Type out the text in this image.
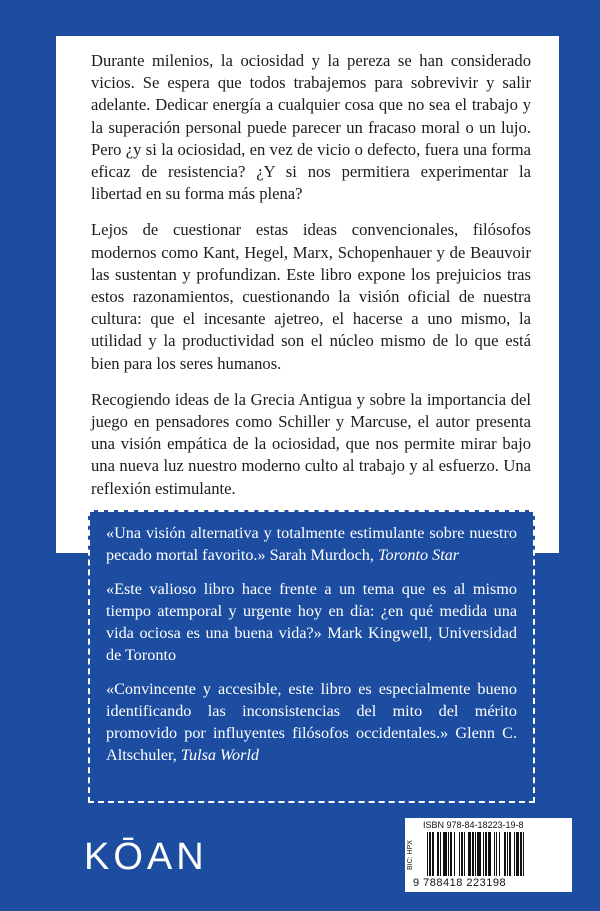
Durante milenios, la ociosidad y la pereza se han considerado vicios. Se espera que todos trabajemos para sobrevivir y salir adelante. Dedicar energía a cualquier cosa que no sea el trabajo y la superación personal puede parecer un fracaso moral o un lujo. Pero ¿y si la ociosidad, en vez de vicio o defecto, fuera una forma eficaz de resistencia? ¿Y si nos permitiera experimentar la libertad en su forma más plena?

Lejos de cuestionar estas ideas convencionales, filósofos modernos como Kant, Hegel, Marx, Schopenhauer y de Beauvoir las sustentan y profundizan. Este libro expone los prejuicios tras estos razonamientos, cuestionando la visión oficial de nuestra cultura: que el incesante ajetreo, el hacerse a uno mismo, la utilidad y la productividad son el núcleo mismo de lo que está bien para los seres humanos.

Recogiendo ideas de la Grecia Antigua y sobre la importancia del juego en pensadores como Schiller y Marcuse, el autor presenta una visión empática de la ociosidad, que nos permite mirar bajo una nueva luz nuestro moderno culto al trabajo y al esfuerzo. Una reflexión estimulante.

«Una visión alternativa y totalmente estimulante sobre nuestro pecado mortal favorito.» Sarah Murdoch, Toronto Star

«Este valioso libro hace frente a un tema que es al mismo tiempo atemporal y urgente hoy en día: ¿en qué medida una vida ociosa es una buena vida?» Mark Kingwell, Universidad de Toronto

«Convincente y accesible, este libro es especialmente bueno identificando las inconsistencias del mito del mérito promovido por influyentes filósofos occidentales.» Glenn C. Altschuler, Tulsa World

KŌAN	BIC: HPX
ISBN 978-84-18223-19-8
9 788418 223198
